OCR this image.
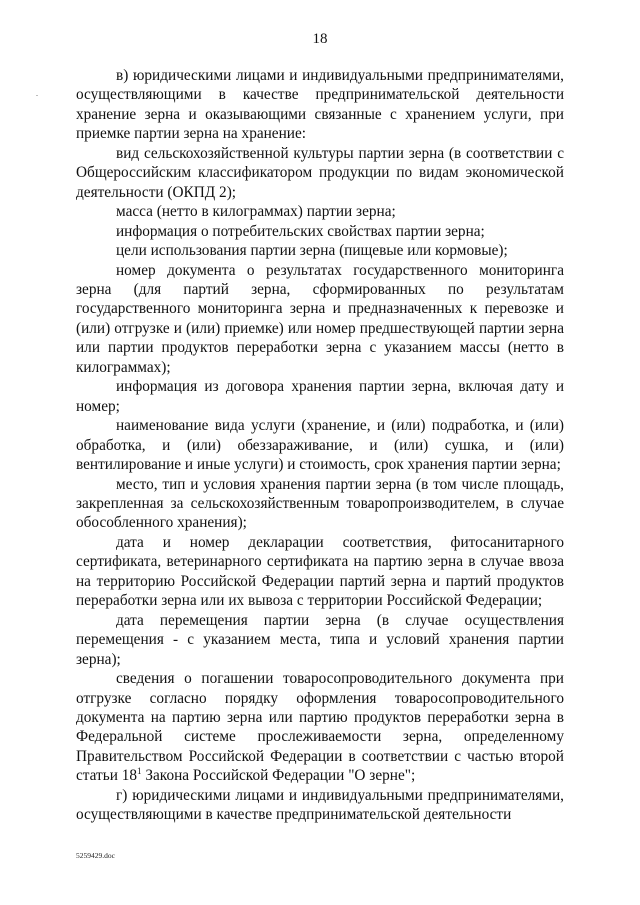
18

в) юридическими лицами и индивидуальными предпринимателями, осуществляющими в качестве предпринимательской деятельности хранение зерна и оказывающими связанные с хранением услуги, при приемке партии зерна на хранение:

вид сельскохозяйственной культуры партии зерна (в соответствии с Общероссийским классификатором продукции по видам экономической деятельности (ОКПД 2);

масса (нетто в килограммах) партии зерна;

информация о потребительских свойствах партии зерна;

цели использования партии зерна (пищевые или кормовые);

номер документа о результатах государственного мониторинга зерна (для партий зерна, сформированных по результатам государственного мониторинга зерна и предназначенных к перевозке и (или) отгрузке и (или) приемке) или номер предшествующей партии зерна или партии продуктов переработки зерна с указанием массы (нетто в килограммах);

информация из договора хранения партии зерна, включая дату и номер;

наименование вида услуги (хранение, и (или) подработка, и (или) обработка, и (или) обеззараживание, и (или) сушка, и (или) вентилирование и иные услуги) и стоимость, срок хранения партии зерна;

место, тип и условия хранения партии зерна (в том числе площадь, закрепленная за сельскохозяйственным товаропроизводителем, в случае обособленного хранения);

дата и номер декларации соответствия, фитосанитарного сертификата, ветеринарного сертификата на партию зерна в случае ввоза на территорию Российской Федерации партий зерна и партий продуктов переработки зерна или их вывоза с территории Российской Федерации;

дата перемещения партии зерна (в случае осуществления перемещения - с указанием места, типа и условий хранения партии зерна);

сведения о погашении товаросопроводительного документа при отгрузке согласно порядку оформления товаросопроводительного документа на партию зерна или партию продуктов переработки зерна в Федеральной системе прослеживаемости зерна, определенному Правительством Российской Федерации в соответствии с частью второй статьи $18^1$ Закона Российской Федерации "О зерне";

г) юридическими лицами и индивидуальными предпринимателями, осуществляющими в качестве предпринимательской деятельности

5259429.doc
